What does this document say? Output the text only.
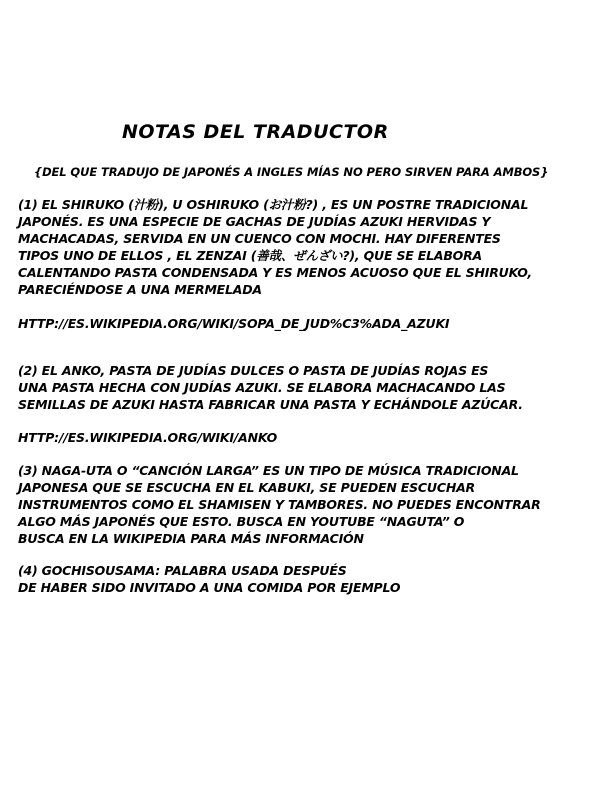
NOTAS DEL TRADUCTOR

{DEL QUE TRADUJO DE JAPONÉS A INGLES MÍAS NO PERO SIRVEN PARA AMBOS}

(1) EL SHIRUKO (汁粉), U OSHIRUKO (お汁粉?) , ES UN POSTRE TRADICIONAL

JAPONÉS. ES UNA ESPECIE DE GACHAS DE JUDÍAS AZUKI HERVIDAS Y

MACHACADAS, SERVIDA EN UN CUENCO CON MOCHI. HAY DIFERENTES

TIPOS UNO DE ELLOS , EL ZENZAI (善哉、ぜんざい?), QUE SE ELABORA

CALENTANDO PASTA CONDENSADA Y ES MENOS ACUOSO QUE EL SHIRUKO,

PARECIÉNDOSE A UNA MERMELADA

HTTP://ES.WIKIPEDIA.ORG/WIKI/SOPA_DE_JUD%C3%ADA_AZUKI

(2) EL ANKO, PASTA DE JUDÍAS DULCES O PASTA DE JUDÍAS ROJAS ES

UNA PASTA HECHA CON JUDÍAS AZUKI. SE ELABORA MACHACANDO LAS

SEMILLAS DE AZUKI HASTA FABRICAR UNA PASTA Y ECHÁNDOLE AZÚCAR.

HTTP://ES.WIKIPEDIA.ORG/WIKI/ANKO

(3) NAGA-UTA O “CANCIÓN LARGA” ES UN TIPO DE MÚSICA TRADICIONAL

JAPONESA QUE SE ESCUCHA EN EL KABUKI, SE PUEDEN ESCUCHAR

INSTRUMENTOS COMO EL SHAMISEN Y TAMBORES. NO PUEDES ENCONTRAR

ALGO MÁS JAPONÉS QUE ESTO. BUSCA EN YOUTUBE “NAGUTA” O

BUSCA EN LA WIKIPEDIA PARA MÁS INFORMACIÓN

(4) GOCHISOUSAMA: PALABRA USADA DESPUÉS

DE HABER SIDO INVITADO A UNA COMIDA POR EJEMPLO
